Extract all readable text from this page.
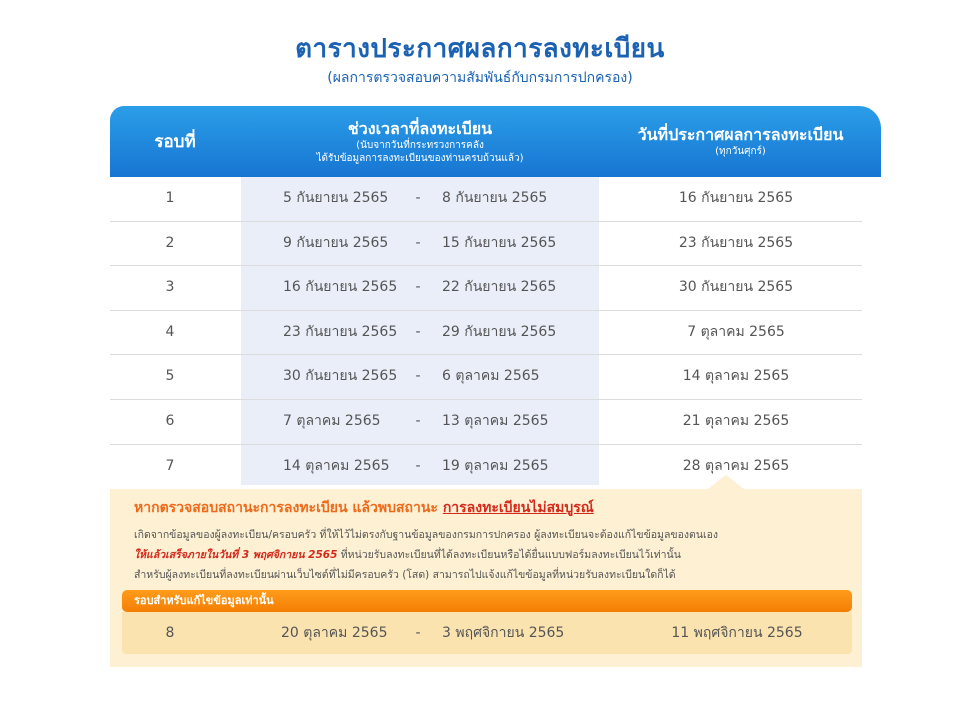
ตารางประกาศผลการลงทะเบียน
(ผลการตรวจสอบความสัมพันธ์กับกรมการปกครอง)
รอบที่
ช่วงเวลาที่ลงทะเบียน
(นับจากวันที่กระทรวงการคลัง
ได้รับข้อมูลการลงทะเบียนของท่านครบถ้วนแล้ว)
วันที่ประกาศผลการลงทะเบียน
(ทุกวันศุกร์)
1	5 กันยายน 2565	-	8 กันยายน 2565	16 กันยายน 2565
2	9 กันยายน 2565	-	15 กันยายน 2565	23 กันยายน 2565
3	16 กันยายน 2565	-	22 กันยายน 2565	30 กันยายน 2565
4	23 กันยายน 2565	-	29 กันยายน 2565	7 ตุลาคม 2565
5	30 กันยายน 2565	-	6 ตุลาคม 2565	14 ตุลาคม 2565
6	7 ตุลาคม 2565	-	13 ตุลาคม 2565	21 ตุลาคม 2565
7	14 ตุลาคม 2565	-	19 ตุลาคม 2565	28 ตุลาคม 2565
หากตรวจสอบสถานะการลงทะเบียน แล้วพบสถานะ การลงทะเบียนไม่สมบูรณ์
เกิดจากข้อมูลของผู้ลงทะเบียน/ครอบครัว ที่ให้ไว้ไม่ตรงกับฐานข้อมูลของกรมการปกครอง ผู้ลงทะเบียนจะต้องแก้ไขข้อมูลของตนเอง
ให้แล้วเสร็จภายในวันที่ 3 พฤศจิกายน 2565 ที่หน่วยรับลงทะเบียนที่ได้ลงทะเบียนหรือได้ยื่นแบบฟอร์มลงทะเบียนไว้เท่านั้น
สำหรับผู้ลงทะเบียนที่ลงทะเบียนผ่านเว็บไซต์ที่ไม่มีครอบครัว (โสด) สามารถไปแจ้งแก้ไขข้อมูลที่หน่วยรับลงทะเบียนใดก็ได้
รอบสำหรับแก้ไขข้อมูลเท่านั้น
8	20 ตุลาคม 2565	-	3 พฤศจิกายน 2565	11 พฤศจิกายน 2565
